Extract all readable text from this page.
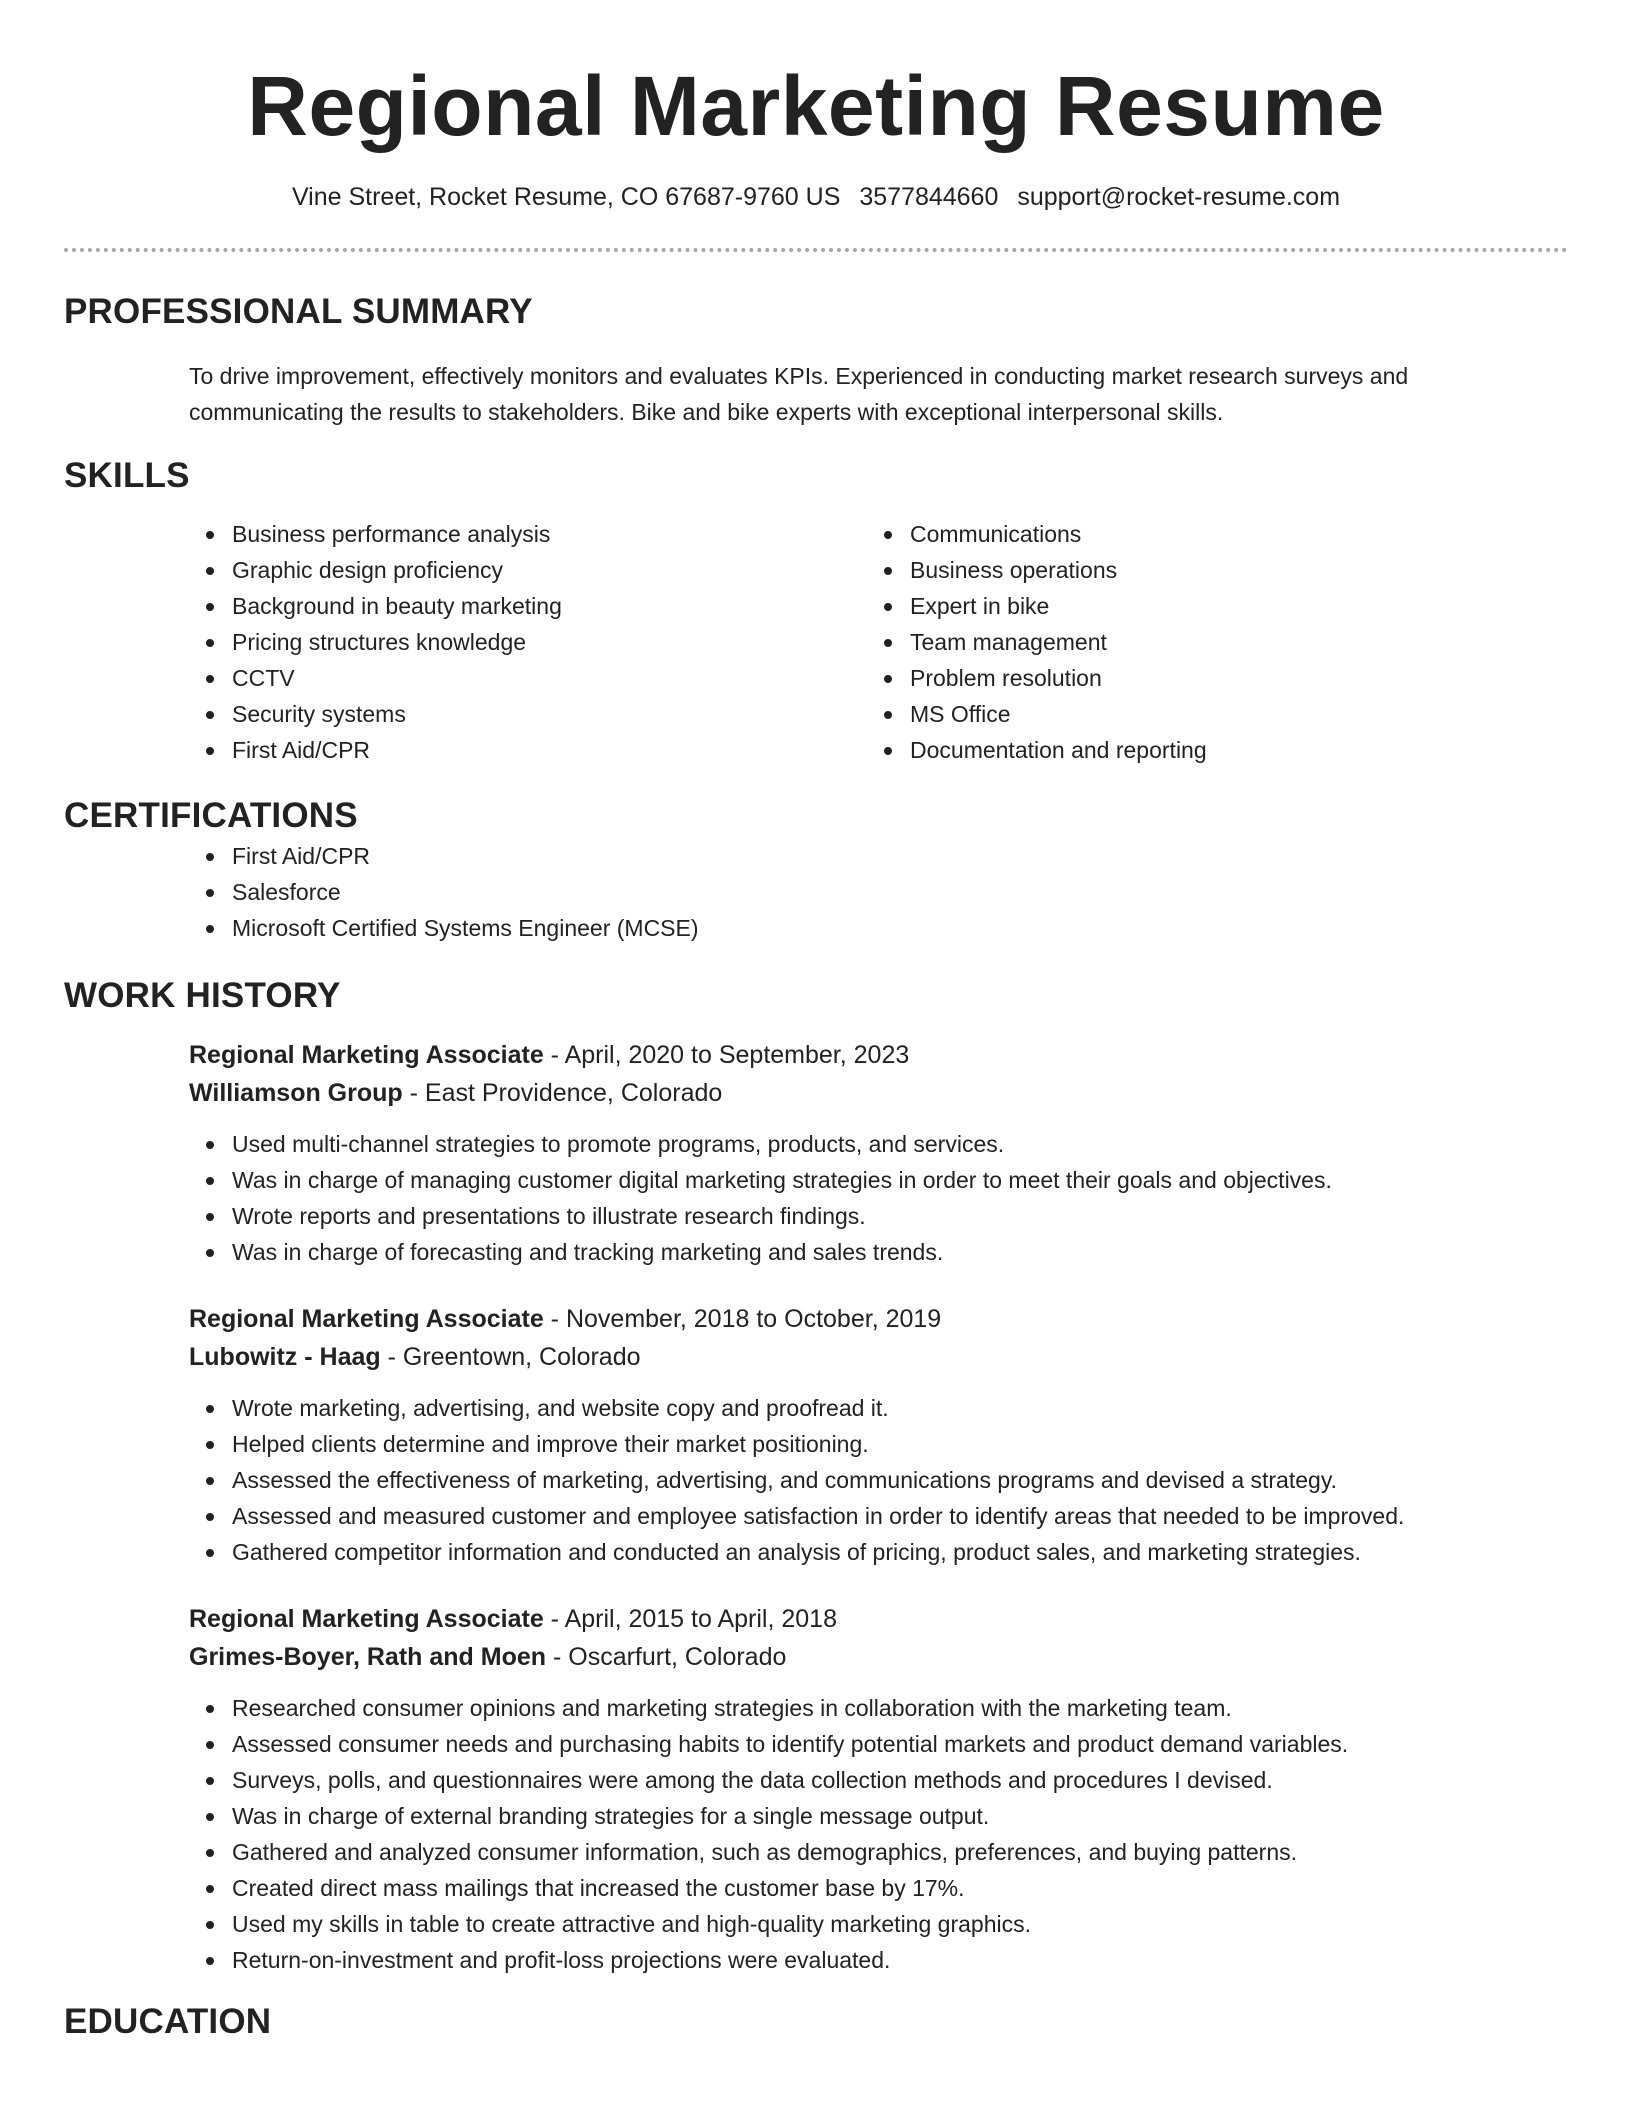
Regional Marketing Resume
Vine Street, Rocket Resume, CO 67687-9760 US 3577844660 support@rocket-resume.com
PROFESSIONAL SUMMARY

To drive improvement, effectively monitors and evaluates KPIs. Experienced in conducting market research surveys and communicating the results to stakeholders. Bike and bike experts with exceptional interpersonal skills.

SKILLS
Business performance analysis
Graphic design proficiency
Background in beauty marketing
Pricing structures knowledge
CCTV
Security systems
First Aid/CPR
Communications
Business operations
Expert in bike
Team management
Problem resolution
MS Office
Documentation and reporting
CERTIFICATIONS
First Aid/CPR
Salesforce
Microsoft Certified Systems Engineer (MCSE)
WORK HISTORY
Regional Marketing Associate - April, 2020 to September, 2023
Williamson Group - East Providence, Colorado
Used multi-channel strategies to promote programs, products, and services.
Was in charge of managing customer digital marketing strategies in order to meet their goals and objectives.
Wrote reports and presentations to illustrate research findings.
Was in charge of forecasting and tracking marketing and sales trends.
Regional Marketing Associate - November, 2018 to October, 2019
Lubowitz - Haag - Greentown, Colorado
Wrote marketing, advertising, and website copy and proofread it.
Helped clients determine and improve their market positioning.
Assessed the effectiveness of marketing, advertising, and communications programs and devised a strategy.
Assessed and measured customer and employee satisfaction in order to identify areas that needed to be improved.
Gathered competitor information and conducted an analysis of pricing, product sales, and marketing strategies.
Regional Marketing Associate - April, 2015 to April, 2018
Grimes-Boyer, Rath and Moen - Oscarfurt, Colorado
Researched consumer opinions and marketing strategies in collaboration with the marketing team.
Assessed consumer needs and purchasing habits to identify potential markets and product demand variables.
Surveys, polls, and questionnaires were among the data collection methods and procedures I devised.
Was in charge of external branding strategies for a single message output.
Gathered and analyzed consumer information, such as demographics, preferences, and buying patterns.
Created direct mass mailings that increased the customer base by 17%.
Used my skills in table to create attractive and high-quality marketing graphics.
Return-on-investment and profit-loss projections were evaluated.
EDUCATION
